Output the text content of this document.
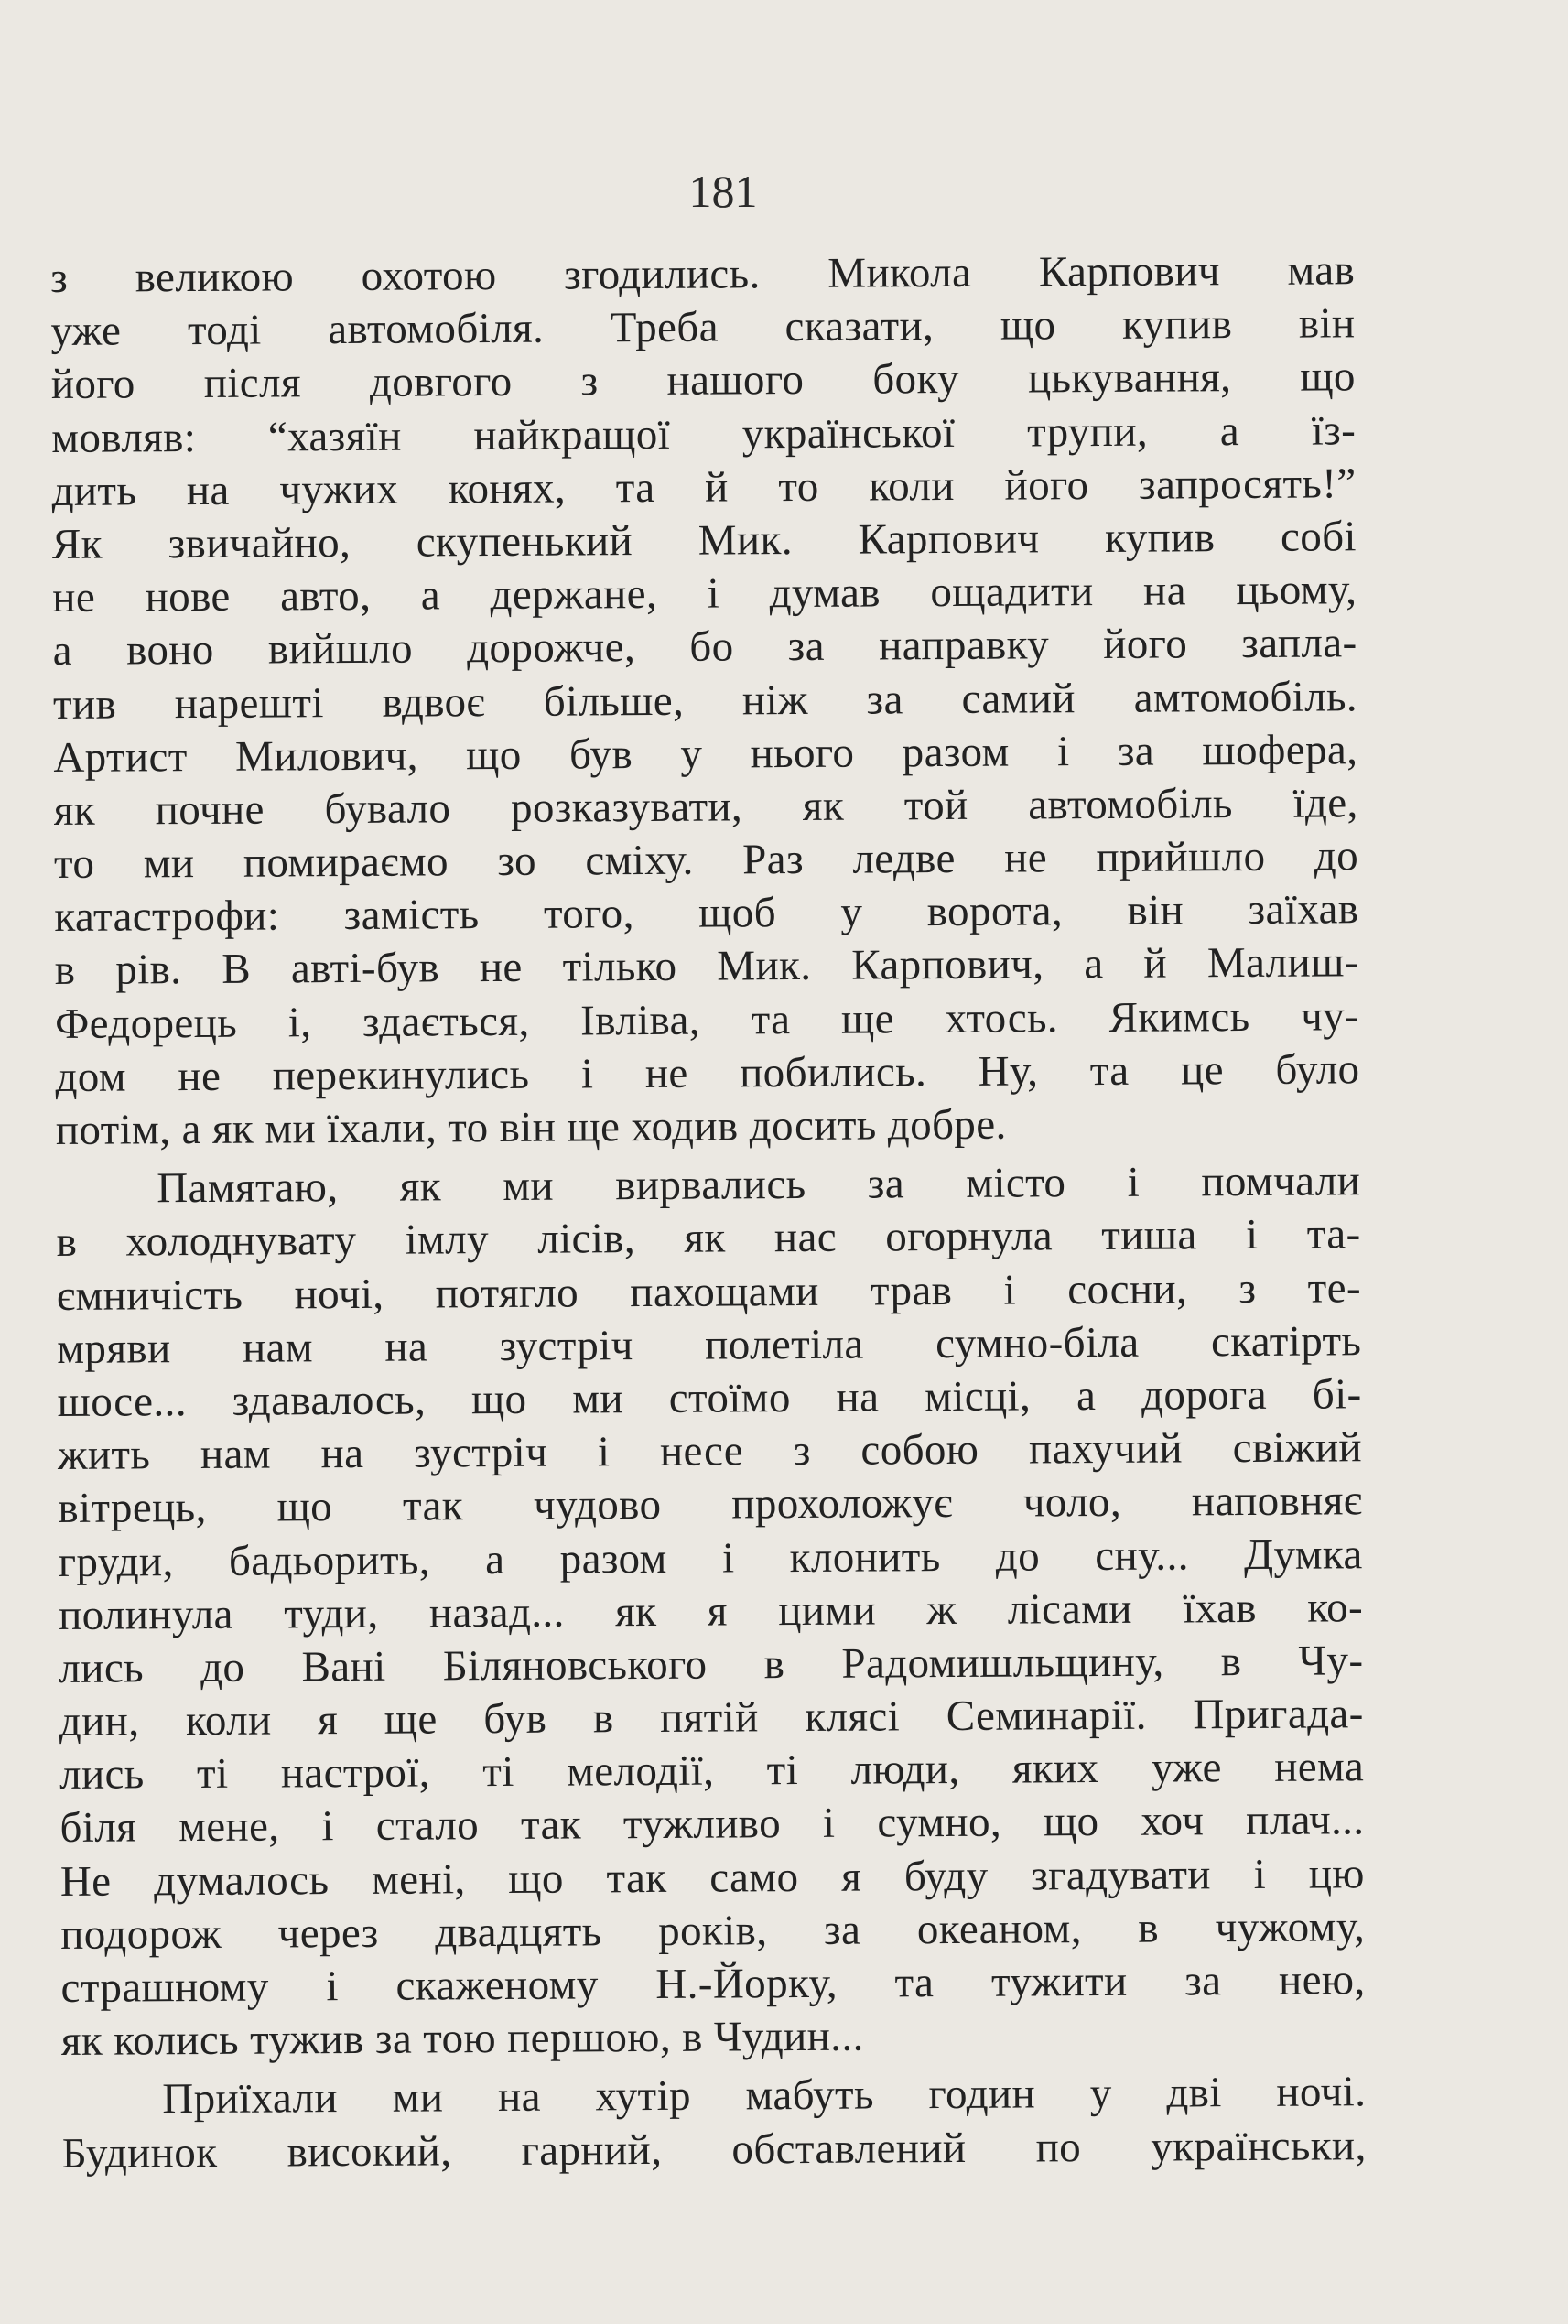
181
з великою охотою згодились. Микола Карпович мав
уже тоді автомобіля. Треба сказати, що купив він
його після довгого з нашого боку цькування, що
мовляв: “хазяїн найкращої української трупи, а їз-
дить на чужих конях, та й то коли його запросять!”
Як звичайно, скупенький Мик. Карпович купив собі
не нове авто, а держане, і думав ощадити на цьому,
а воно вийшло дорожче, бо за направку його запла-
тив нарешті вдвоє більше, ніж за самий амтомобіль.
Артист Милович, що був у нього разом і за шофера,
як почне бувало розказувати, як той автомобіль їде,
то ми помираємо зо сміху. Раз ледве не прийшло до
катастрофи: замість того, щоб у ворота, він заїхав
в рів. В авті-був не тілько Мик. Карпович, а й Малиш-
Федорець і, здається, Івліва, та ще хтось. Якимсь чу-
дом не перекинулись і не побились. Ну, та це було
потім, а як ми їхали, то він ще ходив досить добре.
Памятаю, як ми вирвались за місто і помчали
в холоднувату імлу лісів, як нас огорнула тиша і та-
ємничість ночі, потягло пахощами трав і сосни, з те-
мряви нам на зустріч полетіла сумно-біла скатірть
шосе... здавалось, що ми стоїмо на місці, а дорога бі-
жить нам на зустріч і несе з собою пахучий свіжий
вітрець, що так чудово прохоложує чоло, наповняє
груди, бадьорить, а разом і клонить до сну... Думка
полинула туди, назад... як я цими ж лісами їхав ко-
лись до Вані Біляновського в Радомишльщину, в Чу-
дин, коли я ще був в пятій клясі Семинарії. Пригада-
лись ті настрої, ті мелодії, ті люди, яких уже нема
біля мене, і стало так тужливо і сумно, що хоч плач...
Не думалось мені, що так само я буду згадувати і цю
подорож через двадцять років, за океаном, в чужому,
страшному і скаженому Н.-Йорку, та тужити за нею,
як колись тужив за тою першою, в Чудин...
Приїхали ми на хутір мабуть годин у дві ночі.
Будинок високий, гарний, обставлений по українськи,
